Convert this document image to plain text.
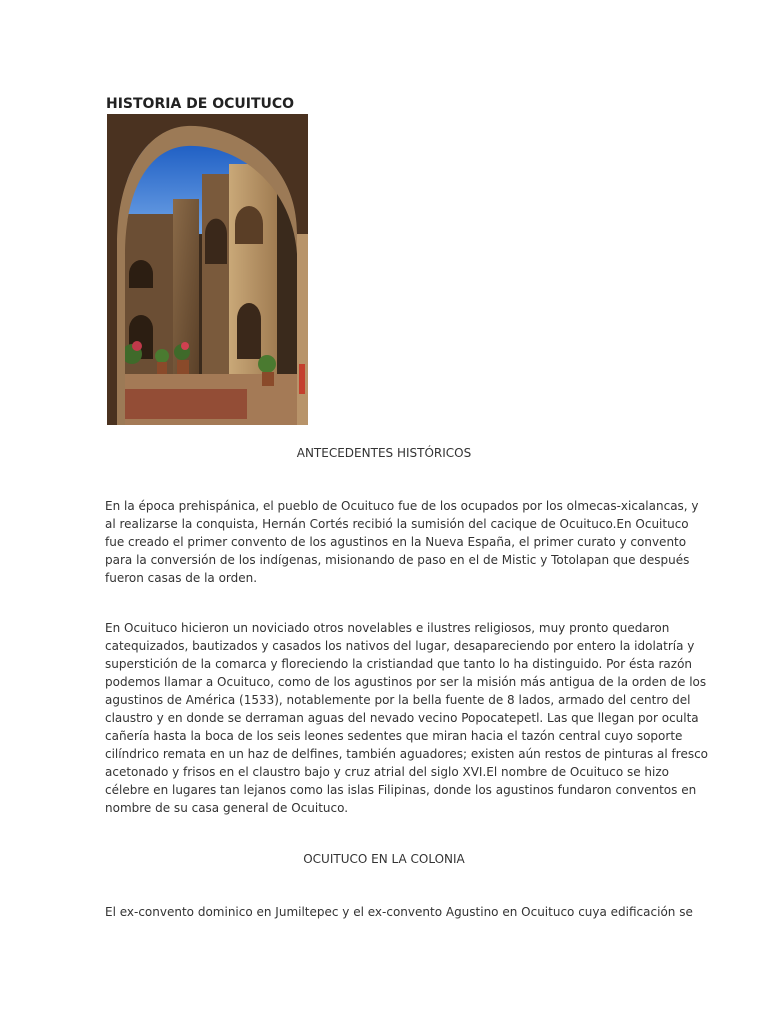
HISTORIA DE OCUITUCO
ANTECEDENTES HISTÓRICOS

En la época prehispánica, el pueblo de Ocuituco fue de los ocupados por los olmecas-xicalancas, y
al realizarse la conquista, Hernán Cortés recibió la sumisión del cacique de Ocuituco.En Ocuituco
fue creado el primer convento de los agustinos en la Nueva España, el primer curato y convento
para la conversión de los indígenas, misionando de paso en el de Mistic y Totolapan que después
fueron casas de la orden.

En Ocuituco hicieron un noviciado otros novelables e ilustres religiosos, muy pronto quedaron
catequizados, bautizados y casados los nativos del lugar, desapareciendo por entero la idolatría y
superstición de la comarca y floreciendo la cristiandad que tanto lo ha distinguido. Por ésta razón
podemos llamar a Ocuituco, como de los agustinos por ser la misión más antigua de la orden de los
agustinos de América (1533), notablemente por la bella fuente de 8 lados, armado del centro del
claustro y en donde se derraman aguas del nevado vecino Popocatepetl. Las que llegan por oculta
cañería hasta la boca de los seis leones sedentes que miran hacia el tazón central cuyo soporte
cilíndrico remata en un haz de delfines, también aguadores; existen aún restos de pinturas al fresco
acetonado y frisos en el claustro bajo y cruz atrial del siglo XVI.El nombre de Ocuituco se hizo
célebre en lugares tan lejanos como las islas Filipinas, donde los agustinos fundaron conventos en
nombre de su casa general de Ocuituco.

OCUITUCO EN LA COLONIA

El ex-convento dominico en Jumiltepec y el ex-convento Agustino en Ocuituco cuya edificación se
